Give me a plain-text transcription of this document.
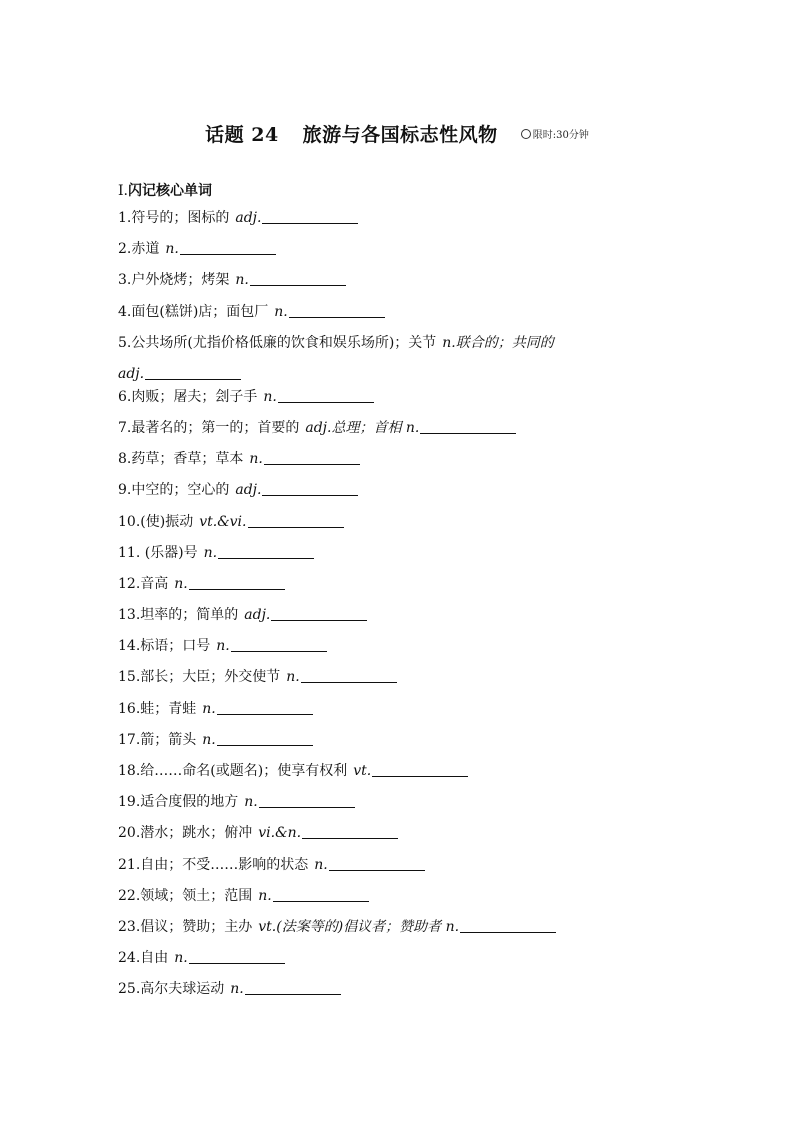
话题 24 旅游与各国标志性风物	限时:30分钟
Ⅰ.闪记核心单词
1.符号的；图标的 adj.
2.赤道 n.
3.户外烧烤；烤架 n.
4.面包(糕饼)店；面包厂 n.
5.公共场所(尤指价格低廉的饮食和娱乐场所)；关节 n.联合的；共同的
adj.
6.肉贩；屠夫；刽子手 n.
7.最著名的；第一的；首要的 adj.总理；首相 n.
8.药草；香草；草本 n.
9.中空的；空心的 adj.
10.(使)振动 vt.&vi.
11. (乐器)号 n.
12.音高 n.
13.坦率的；简单的 adj.
14.标语；口号 n.
15.部长；大臣；外交使节 n.
16.蛙；青蛙 n.
17.箭；箭头 n.
18.给……命名(或题名)；使享有权利 vt.
19.适合度假的地方 n.
20.潜水；跳水；俯冲 vi.&n.
21.自由；不受……影响的状态 n.
22.领域；领土；范围 n.
23.倡议；赞助；主办 vt.(法案等的)倡议者；赞助者 n.
24.自由 n.
25.高尔夫球运动 n.
